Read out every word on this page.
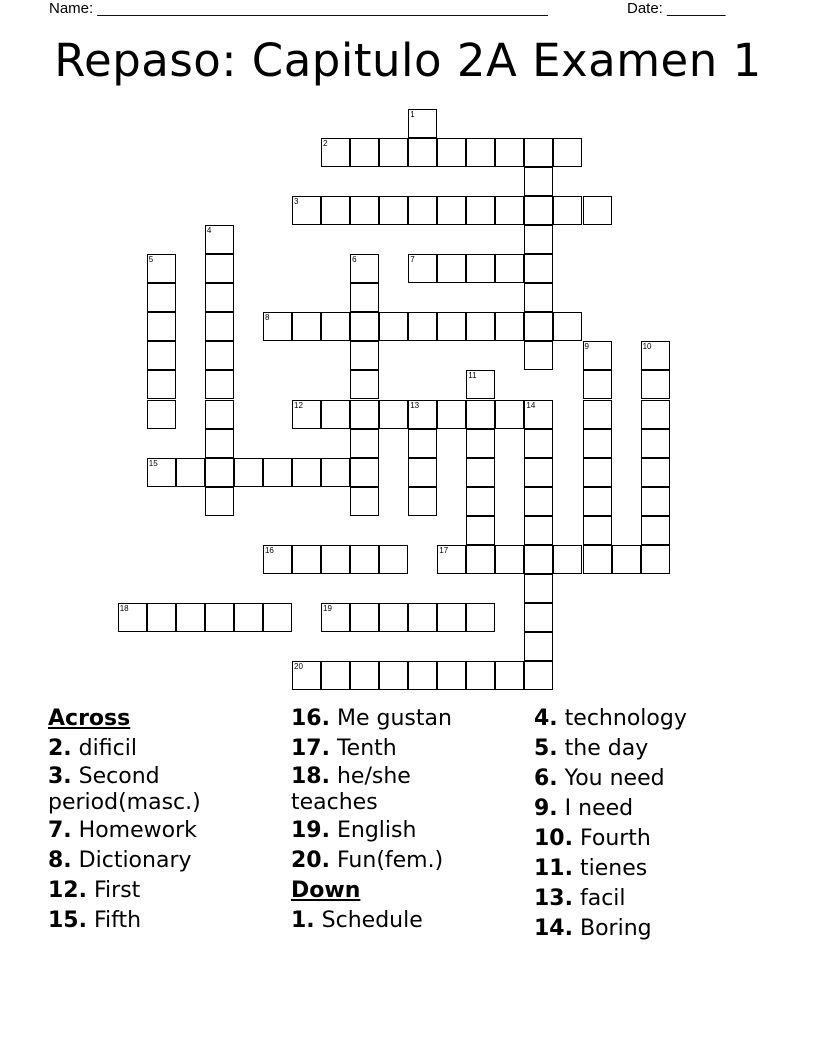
Name: ______________________________________________________	Date: _______
Repaso: Capitulo 2A Examen 1
1
2
3
4
5	6	7
8
9	10
11
12	13	14
15
16	17
18	19
20
Across
2. dificil
3. Second
period(masc.)
7. Homework
8. Dictionary
12. First
15. Fifth
16. Me gustan
17. Tenth
18. he/she
teaches
19. English
20. Fun(fem.)
Down
1. Schedule
4. technology
5. the day
6. You need
9. I need
10. Fourth
11. tienes
13. facil
14. Boring
